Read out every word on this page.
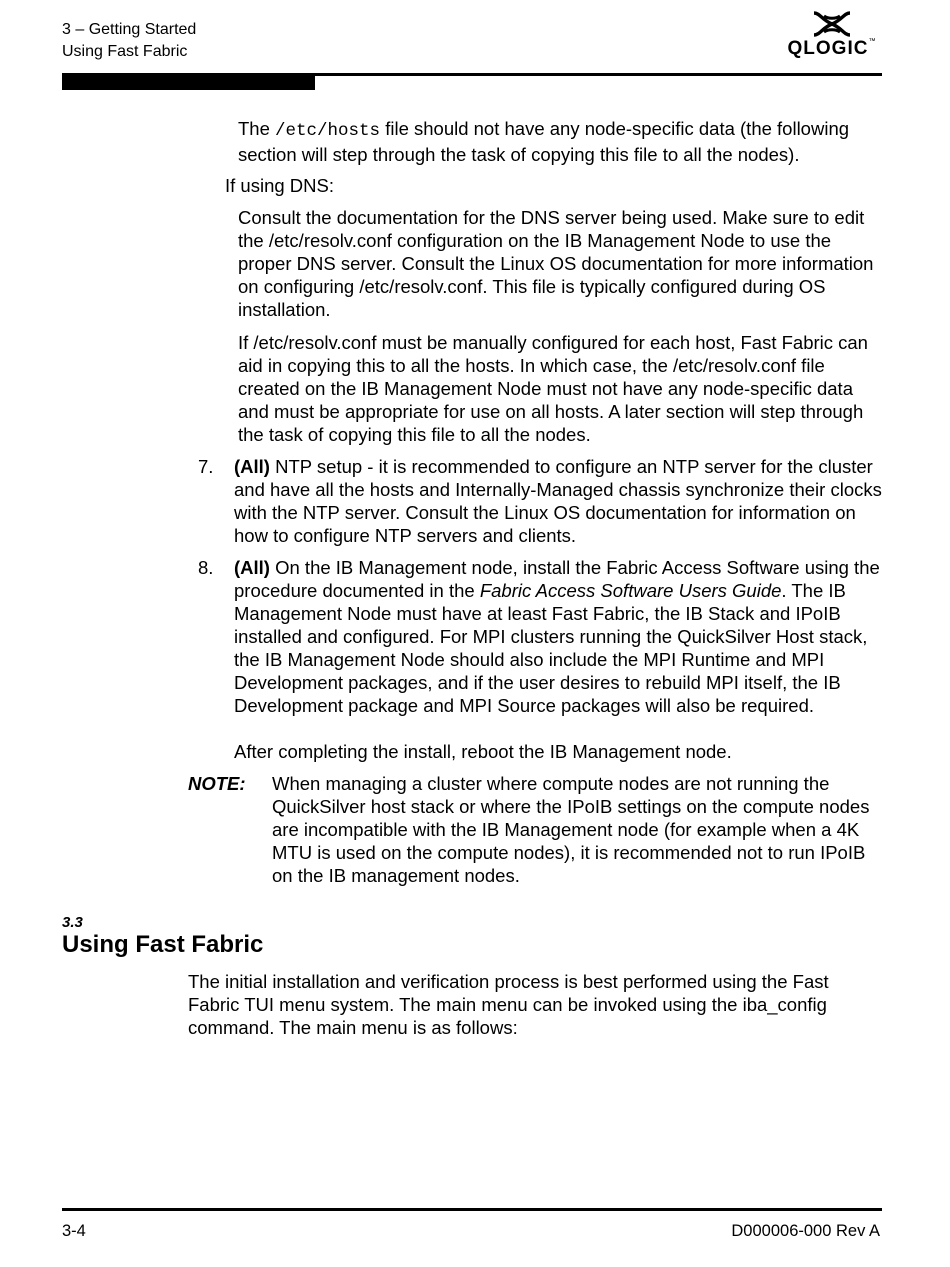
3 – Getting Started
Using Fast Fabric	QLOGIC™

The /etc/hosts file should not have any node-specific data (the following section will step through the task of copying this file to all the nodes).

If using DNS:

Consult the documentation for the DNS server being used. Make sure to edit the /etc/resolv.conf configuration on the IB Management Node to use the proper DNS server. Consult the Linux OS documentation for more information on configuring /etc/resolv.conf. This file is typically configured during OS installation.

If /etc/resolv.conf must be manually configured for each host, Fast Fabric can aid in copying this to all the hosts. In which case, the /etc/resolv.conf file created on the IB Management Node must not have any node-specific data and must be appropriate for use on all hosts. A later section will step through the task of copying this file to all the nodes.

7.	(All) NTP setup - it is recommended to configure an NTP server for the cluster and have all the hosts and Internally-Managed chassis synchronize their clocks with the NTP server. Consult the Linux OS documentation for information on how to configure NTP servers and clients.

8.	(All) On the IB Management node, install the Fabric Access Software using the procedure documented in the Fabric Access Software Users Guide. The IB Management Node must have at least Fast Fabric, the IB Stack and IPoIB installed and configured. For MPI clusters running the QuickSilver Host stack, the IB Management Node should also include the MPI Runtime and MPI Development packages, and if the user desires to rebuild MPI itself, the IB Development package and MPI Source packages will also be required.

After completing the install, reboot the IB Management node.

NOTE:	When managing a cluster where compute nodes are not running the QuickSilver host stack or where the IPoIB settings on the compute nodes are incompatible with the IB Management node (for example when a 4K MTU is used on the compute nodes), it is recommended not to run IPoIB on the IB management nodes.
3.3
Using Fast Fabric
The initial installation and verification process is best performed using the Fast Fabric TUI menu system. The main menu can be invoked using the iba_config command. The main menu is as follows:
3-4	D000006-000 Rev A
